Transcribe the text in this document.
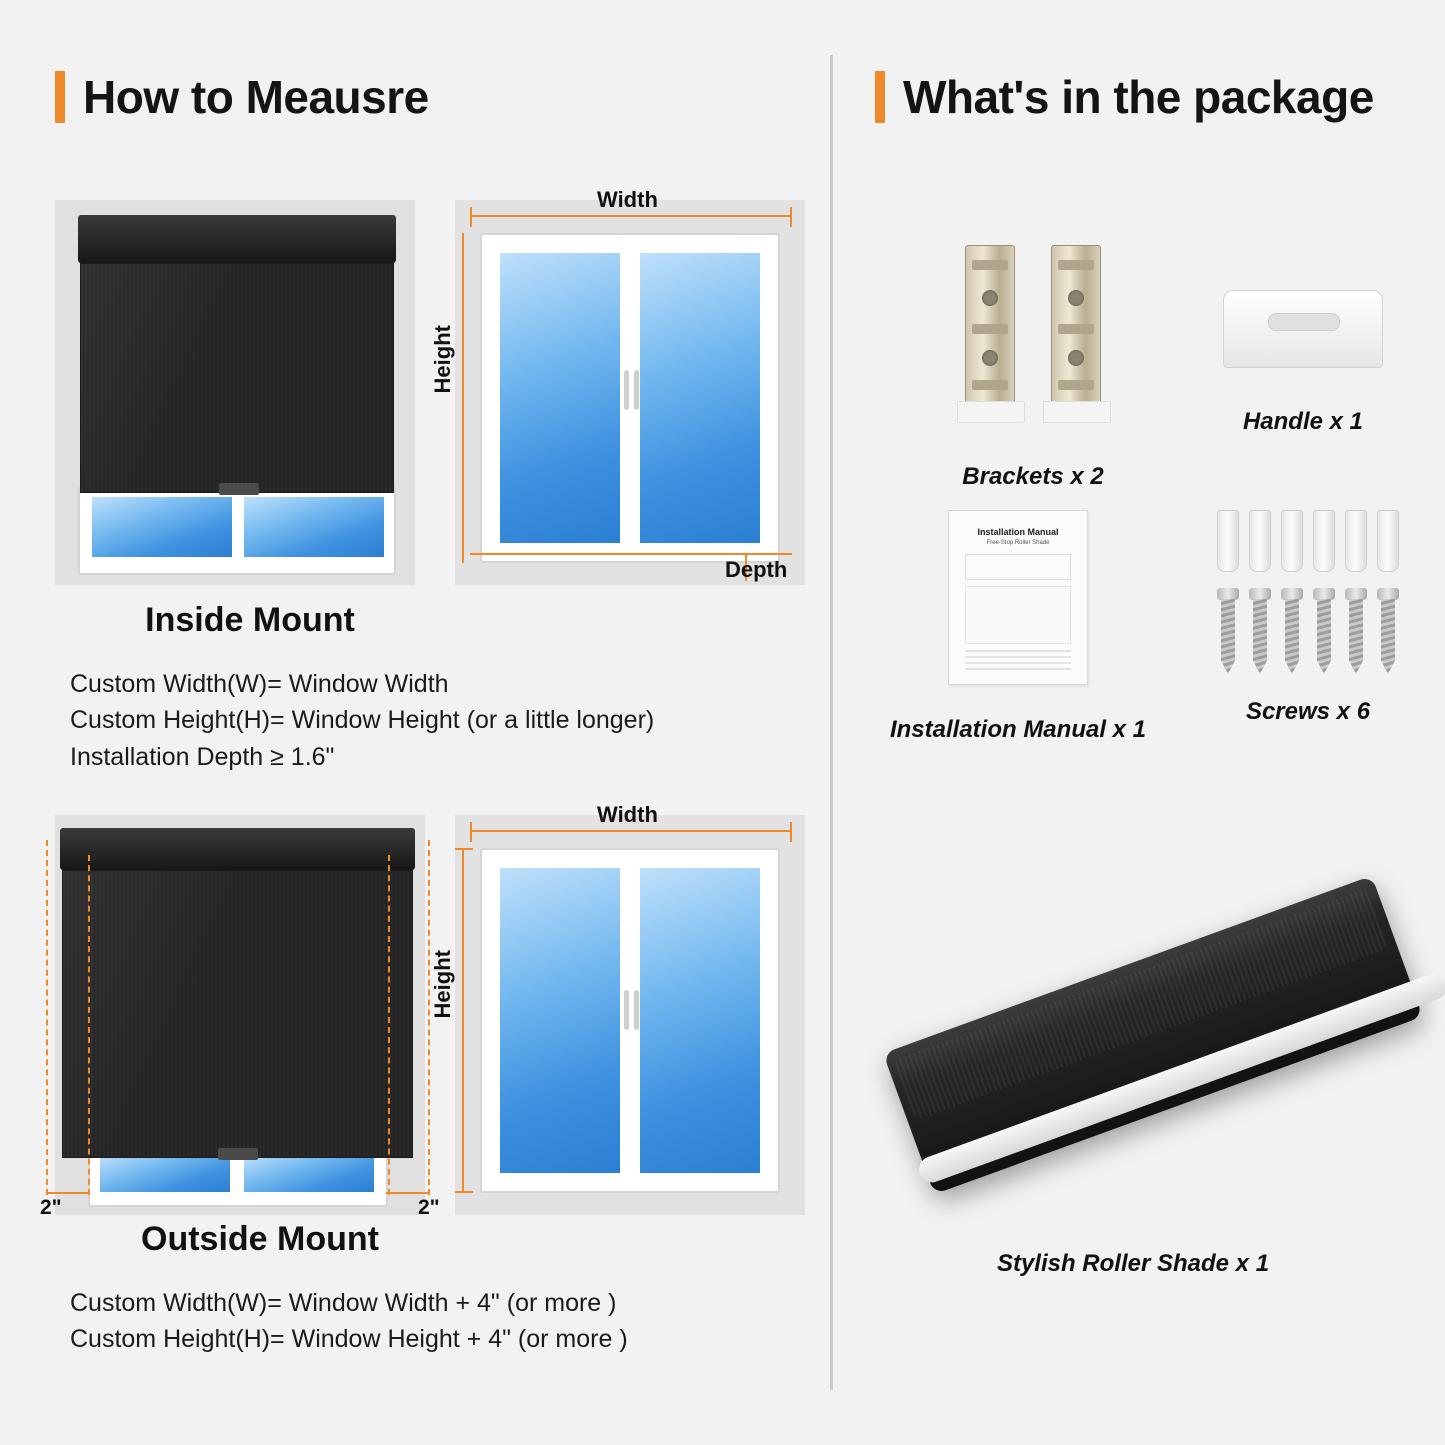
How to Meausre
Width
Height
Depth
Inside Mount
Custom Width(W)= Window Width
Custom Height(H)= Window Height (or a little longer)
Installation Depth ≥ 1.6"
2"	2"
Width
Height
Outside Mount
Custom Width(W)= Window Width + 4" (or more )
Custom Height(H)= Window Height + 4" (or more )
What's in the package
Brackets x 2
Handle x 1
Installation Manual
Free-Stop Roller Shade
Installation Manual x 1
Screws x 6
Stylish Roller Shade x 1
